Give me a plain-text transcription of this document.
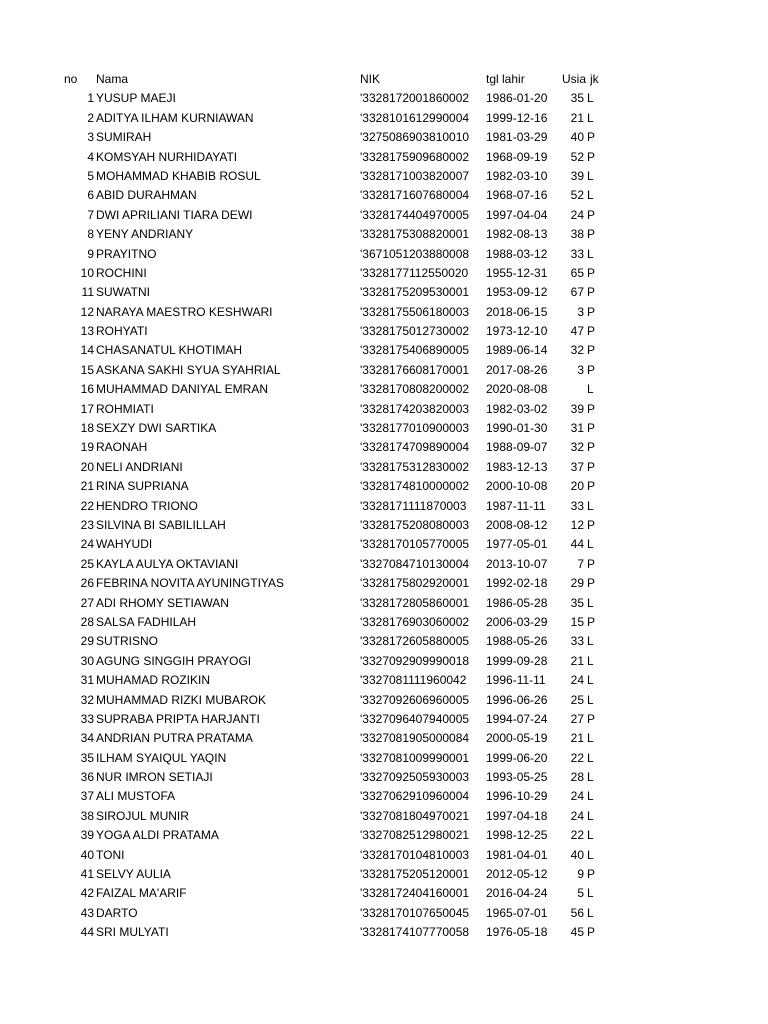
no Nama	NIK	tgl lahir	Usia jk
1 YUSUP MAEJI	'3328172001860002 1986-01-20	35 L
2 ADITYA ILHAM KURNIAWAN	'3328101612990004 1999-12-16	21 L
3 SUMIRAH	'3275086903810010 1981-03-29	40 P
4 KOMSYAH NURHIDAYATI	'3328175909680002 1968-09-19	52 P
5 MOHAMMAD KHABIB ROSUL	'3328171003820007 1982-03-10	39 L
6 ABID DURAHMAN	'3328171607680004 1968-07-16	52 L
7 DWI APRILIANI TIARA DEWI	'3328174404970005 1997-04-04	24 P
8 YENY ANDRIANY	'3328175308820001 1982-08-13	38 P
9 PRAYITNO	'3671051203880008 1988-03-12	33 L
10 ROCHINI	'3328177112550020 1955-12-31	65 P
11 SUWATNI	'3328175209530001 1953-09-12	67 P
12 NARAYA MAESTRO KESHWARI	'3328175506180003 2018-06-15	3 P
13 ROHYATI	'3328175012730002 1973-12-10	47 P
14 CHASANATUL KHOTIMAH	'3328175406890005 1989-06-14	32 P
15 ASKANA SAKHI SYUA SYAHRIAL	'3328176608170001 2017-08-26	3 P
16 MUHAMMAD DANIYAL EMRAN	'3328170808200002 2020-08-08	L
17 ROHMIATI	'3328174203820003 1982-03-02	39 P
18 SEXZY DWI SARTIKA	'3328177010900003 1990-01-30	31 P
19 RAONAH	'3328174709890004 1988-09-07	32 P
20 NELI ANDRIANI	'3328175312830002 1983-12-13	37 P
21 RINA SUPRIANA	'3328174810000002 2000-10-08	20 P
22 HENDRO TRIONO	'3328171111870003 1987-11-11	33 L
23 SILVINA BI SABILILLAH	'3328175208080003 2008-08-12	12 P
24 WAHYUDI	'3328170105770005 1977-05-01	44 L
25 KAYLA AULYA OKTAVIANI	'3327084710130004 2013-10-07	7 P
26 FEBRINA NOVITA AYUNINGTIYAS	'3328175802920001 1992-02-18	29 P
27 ADI RHOMY SETIAWAN	'3328172805860001 1986-05-28	35 L
28 SALSA FADHILAH	'3328176903060002 2006-03-29	15 P
29 SUTRISNO	'3328172605880005 1988-05-26	33 L
30 AGUNG SINGGIH PRAYOGI	'3327092909990018 1999-09-28	21 L
31 MUHAMAD ROZIKIN	'3327081111960042 1996-11-11	24 L
32 MUHAMMAD RIZKI MUBAROK	'3327092606960005 1996-06-26	25 L
33 SUPRABA PRIPTA HARJANTI	'3327096407940005 1994-07-24	27 P
34 ANDRIAN PUTRA PRATAMA	'3327081905000084 2000-05-19	21 L
35 ILHAM SYAIQUL YAQIN	'3327081009990001 1999-06-20	22 L
36 NUR IMRON SETIAJI	'3327092505930003 1993-05-25	28 L
37 ALI MUSTOFA	'3327062910960004 1996-10-29	24 L
38 SIROJUL MUNIR	'3327081804970021 1997-04-18	24 L
39 YOGA ALDI PRATAMA	'3327082512980021 1998-12-25	22 L
40 TONI	'3328170104810003 1981-04-01	40 L
41 SELVY AULIA	'3328175205120001 2012-05-12	9 P
42 FAIZAL MA'ARIF	'3328172404160001 2016-04-24	5 L
43 DARTO	'3328170107650045 1965-07-01	56 L
44 SRI MULYATI	'3328174107770058 1976-05-18	45 P
